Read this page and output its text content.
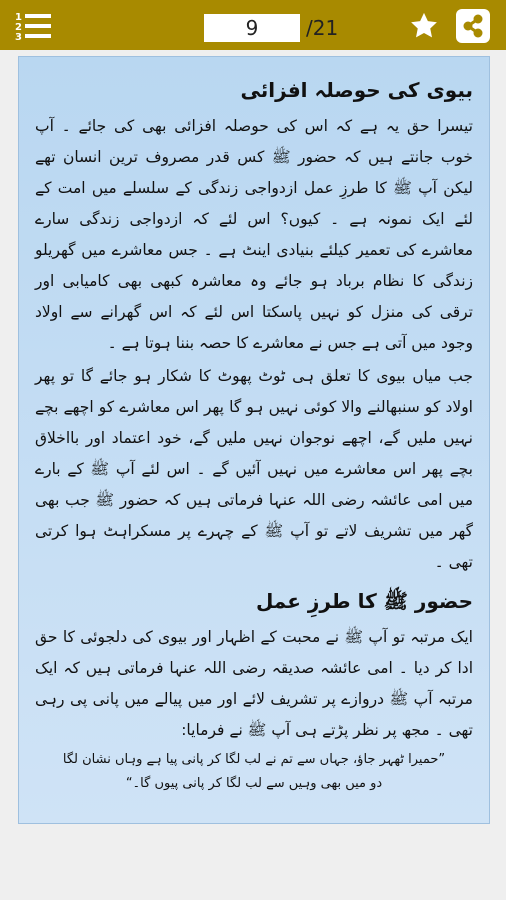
1
2
3
9	/21
بیوی کی حوصلہ افزائی

تیسرا حق یہ ہے کہ اس کی حوصلہ افزائی بھی کی جائے ۔ آپ خوب جانتے ہیں کہ حضور ﷺ کس قدر مصروف ترین انسان تھے لیکن آپ ﷺ کا طرزِ عمل ازدواجی زندگی کے سلسلے میں امت کے لئے ایک نمونہ ہے ۔ کیوں؟ اس لئے کہ ازدواجی زندگی سارے معاشرے کی تعمیر کیلئے بنیادی اینٹ ہے ۔ جس معاشرے میں گھریلو زندگی کا نظام برباد ہو جائے وہ معاشرہ کبھی بھی کامیابی اور ترقی کی منزل کو نہیں پاسکتا اس لئے کہ اس گھرانے سے اولاد وجود میں آتی ہے جس نے معاشرے کا حصہ بننا ہوتا ہے ۔

جب میاں بیوی کا تعلق ہی ٹوٹ پھوٹ کا شکار ہو جائے گا تو پھر اولاد کو سنبھالنے والا کوئی نہیں ہو گا پھر اس معاشرے کو اچھے بچے نہیں ملیں گے، اچھے نوجوان نہیں ملیں گے، خود اعتماد اور بااخلاق بچے پھر اس معاشرے میں نہیں آئیں گے ۔ اس لئے آپ ﷺ کے بارے میں امی عائشہ رضی اللہ عنہا فرماتی ہیں کہ حضور ﷺ جب بھی گھر میں تشریف لاتے تو آپ ﷺ کے چہرے پر مسکراہٹ ہوا کرتی تھی ۔

حضور ﷺ کا طرزِ عمل

ایک مرتبہ تو آپ ﷺ نے محبت کے اظہار اور بیوی کی دلجوئی کا حق ادا کر دیا ۔ امی عائشہ صدیقہ رضی اللہ عنہا فرماتی ہیں کہ ایک مرتبہ آپ ﷺ دروازے پر تشریف لائے اور میں پیالے میں پانی پی رہی تھی ۔ مجھ پر نظر پڑتے ہی آپ ﷺ نے فرمایا:

”حمیرا ٹھہر جاؤ، جہاں سے تم نے لب لگا کر پانی پیا ہے وہاں نشان لگا دو میں بھی وہیں سے لب لگا کر پانی پیوں گا۔“
